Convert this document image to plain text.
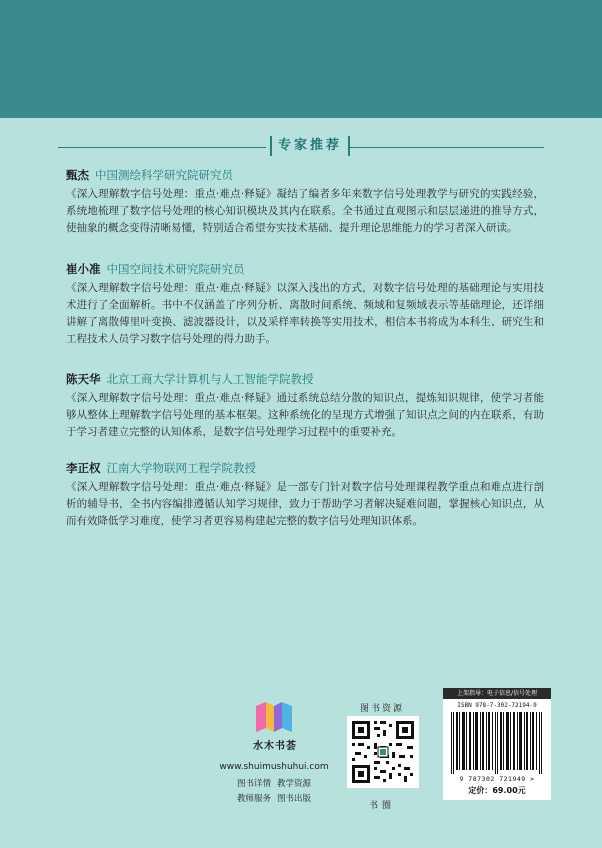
专家推荐
甄杰 中国测绘科学研究院研究员
《深入理解数字信号处理：重点·难点·释疑》凝结了编者多年来数字信号处理教学与研究的实践经验，系统地梳理了数字信号处理的核心知识模块及其内在联系。全书通过直观图示和层层递进的推导方式，使抽象的概念变得清晰易懂，特别适合希望夯实技术基础、提升理论思维能力的学习者深入研读。
崔小准 中国空间技术研究院研究员
《深入理解数字信号处理：重点·难点·释疑》以深入浅出的方式，对数字信号处理的基础理论与实用技术进行了全面解析。书中不仅涵盖了序列分析、离散时间系统、频域和复频域表示等基础理论，还详细讲解了离散傅里叶变换、滤波器设计，以及采样率转换等实用技术，相信本书将成为本科生、研究生和工程技术人员学习数字信号处理的得力助手。
陈天华 北京工商大学计算机与人工智能学院教授
《深入理解数字信号处理：重点·难点·释疑》通过系统总结分散的知识点，提炼知识规律，使学习者能够从整体上理解数字信号处理的基本框架。这种系统化的呈现方式增强了知识点之间的内在联系，有助于学习者建立完整的认知体系，是数字信号处理学习过程中的重要补充。
李正权 江南大学物联网工程学院教授
《深入理解数字信号处理：重点·难点·释疑》是一部专门针对数字信号处理课程教学重点和难点进行剖析的辅导书，全书内容编排遵循认知学习规律，致力于帮助学习者解决疑难问题，掌握核心知识点，从而有效降低学习难度，使学习者更容易构建起完整的数字信号处理知识体系。
水木书荟
www.shuimushuhui.com
图书详情 教学资源
教师服务 图书出版
图书资源
书圈
上架指导：电子信息/信号处理
ISBN 978-7-302-72194-9
9 787302 721949 >
定价：69.00元
